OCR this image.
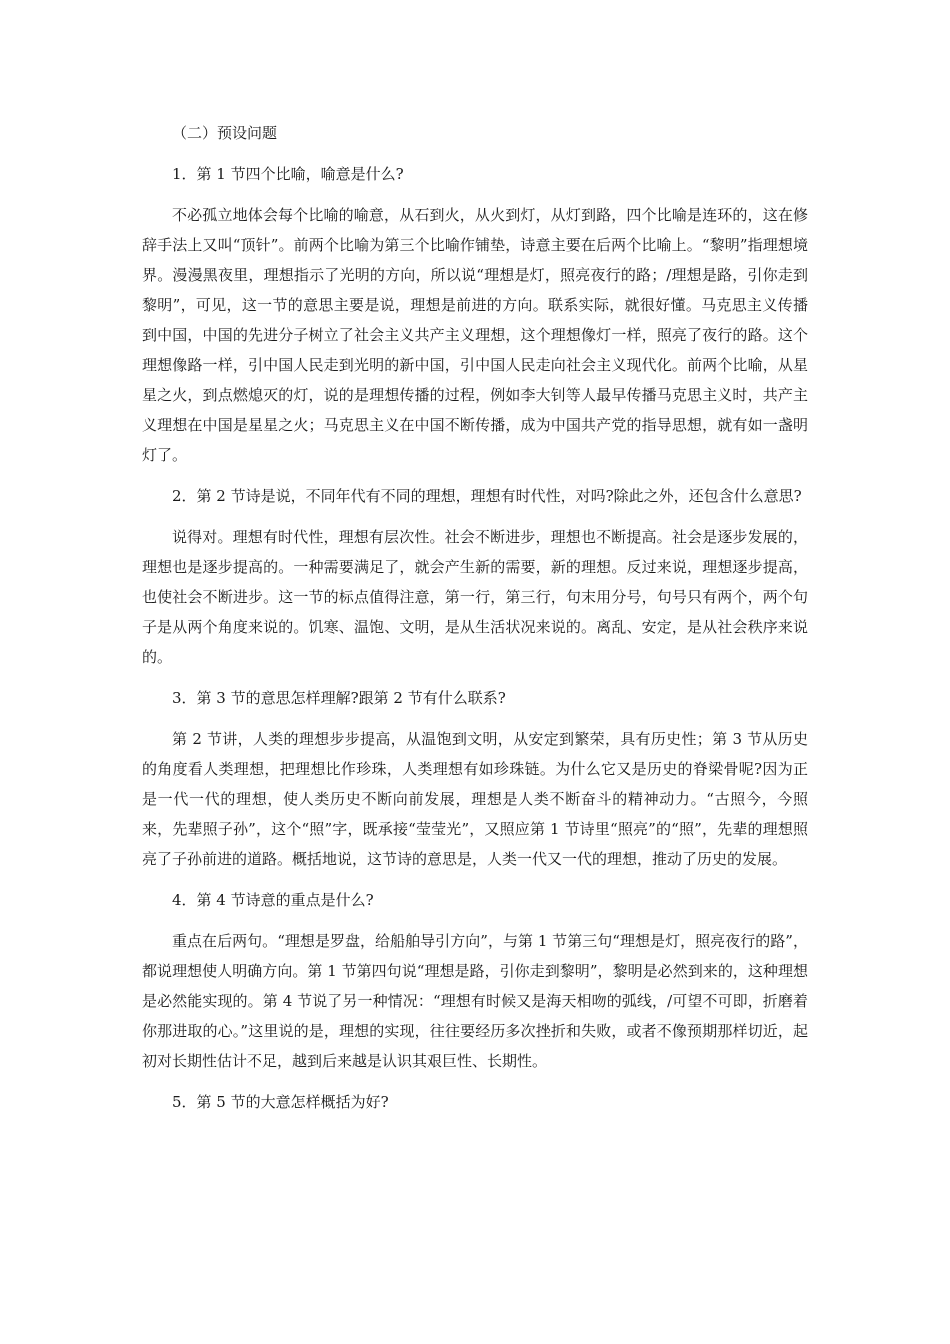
（二）预设问题

1．第 1 节四个比喻，喻意是什么?

不必孤立地体会每个比喻的喻意，从石到火，从火到灯，从灯到路，四个比喻是连环的，这在修辞手法上又叫“顶针”。前两个比喻为第三个比喻作铺垫，诗意主要在后两个比喻上。“黎明”指理想境界。漫漫黑夜里，理想指示了光明的方向，所以说“理想是灯，照亮夜行的路；/理想是路，引你走到黎明”，可见，这一节的意思主要是说，理想是前进的方向。联系实际，就很好懂。马克思主义传播到中国，中国的先进分子树立了社会主义共产主义理想，这个理想像灯一样，照亮了夜行的路。这个理想像路一样，引中国人民走到光明的新中国，引中国人民走向社会主义现代化。前两个比喻，从星星之火，到点燃熄灭的灯，说的是理想传播的过程，例如李大钊等人最早传播马克思主义时，共产主义理想在中国是星星之火；马克思主义在中国不断传播，成为中国共产党的指导思想，就有如一盏明灯了。

2．第 2 节诗是说，不同年代有不同的理想，理想有时代性，对吗?除此之外，还包含什么意思?

说得对。理想有时代性，理想有层次性。社会不断进步，理想也不断提高。社会是逐步发展的，理想也是逐步提高的。一种需要满足了，就会产生新的需要，新的理想。反过来说，理想逐步提高，也使社会不断进步。这一节的标点值得注意，第一行，第三行，句末用分号，句号只有两个，两个句子是从两个角度来说的。饥寒、温饱、文明，是从生活状况来说的。离乱、安定，是从社会秩序来说的。

3．第 3 节的意思怎样理解?跟第 2 节有什么联系?

第 2 节讲，人类的理想步步提高，从温饱到文明，从安定到繁荣，具有历史性；第 3 节从历史的角度看人类理想，把理想比作珍珠，人类理想有如珍珠链。为什么它又是历史的脊梁骨呢?因为正是一代一代的理想，使人类历史不断向前发展，理想是人类不断奋斗的精神动力。“古照今，今照来，先辈照子孙”，这个“照”字，既承接“莹莹光”，又照应第 1 节诗里“照亮”的“照”，先辈的理想照亮了子孙前进的道路。概括地说，这节诗的意思是，人类一代又一代的理想，推动了历史的发展。

4．第 4 节诗意的重点是什么?

重点在后两句。“理想是罗盘，给船舶导引方向”，与第 1 节第三句“理想是灯，照亮夜行的路”，都说理想使人明确方向。第 1 节第四句说“理想是路，引你走到黎明”，黎明是必然到来的，这种理想是必然能实现的。第 4 节说了另一种情况：“理想有时候又是海天相吻的弧线，/可望不可即，折磨着你那进取的心。”这里说的是，理想的实现，往往要经历多次挫折和失败，或者不像预期那样切近，起初对长期性估计不足，越到后来越是认识其艰巨性、长期性。

5．第 5 节的大意怎样概括为好?
